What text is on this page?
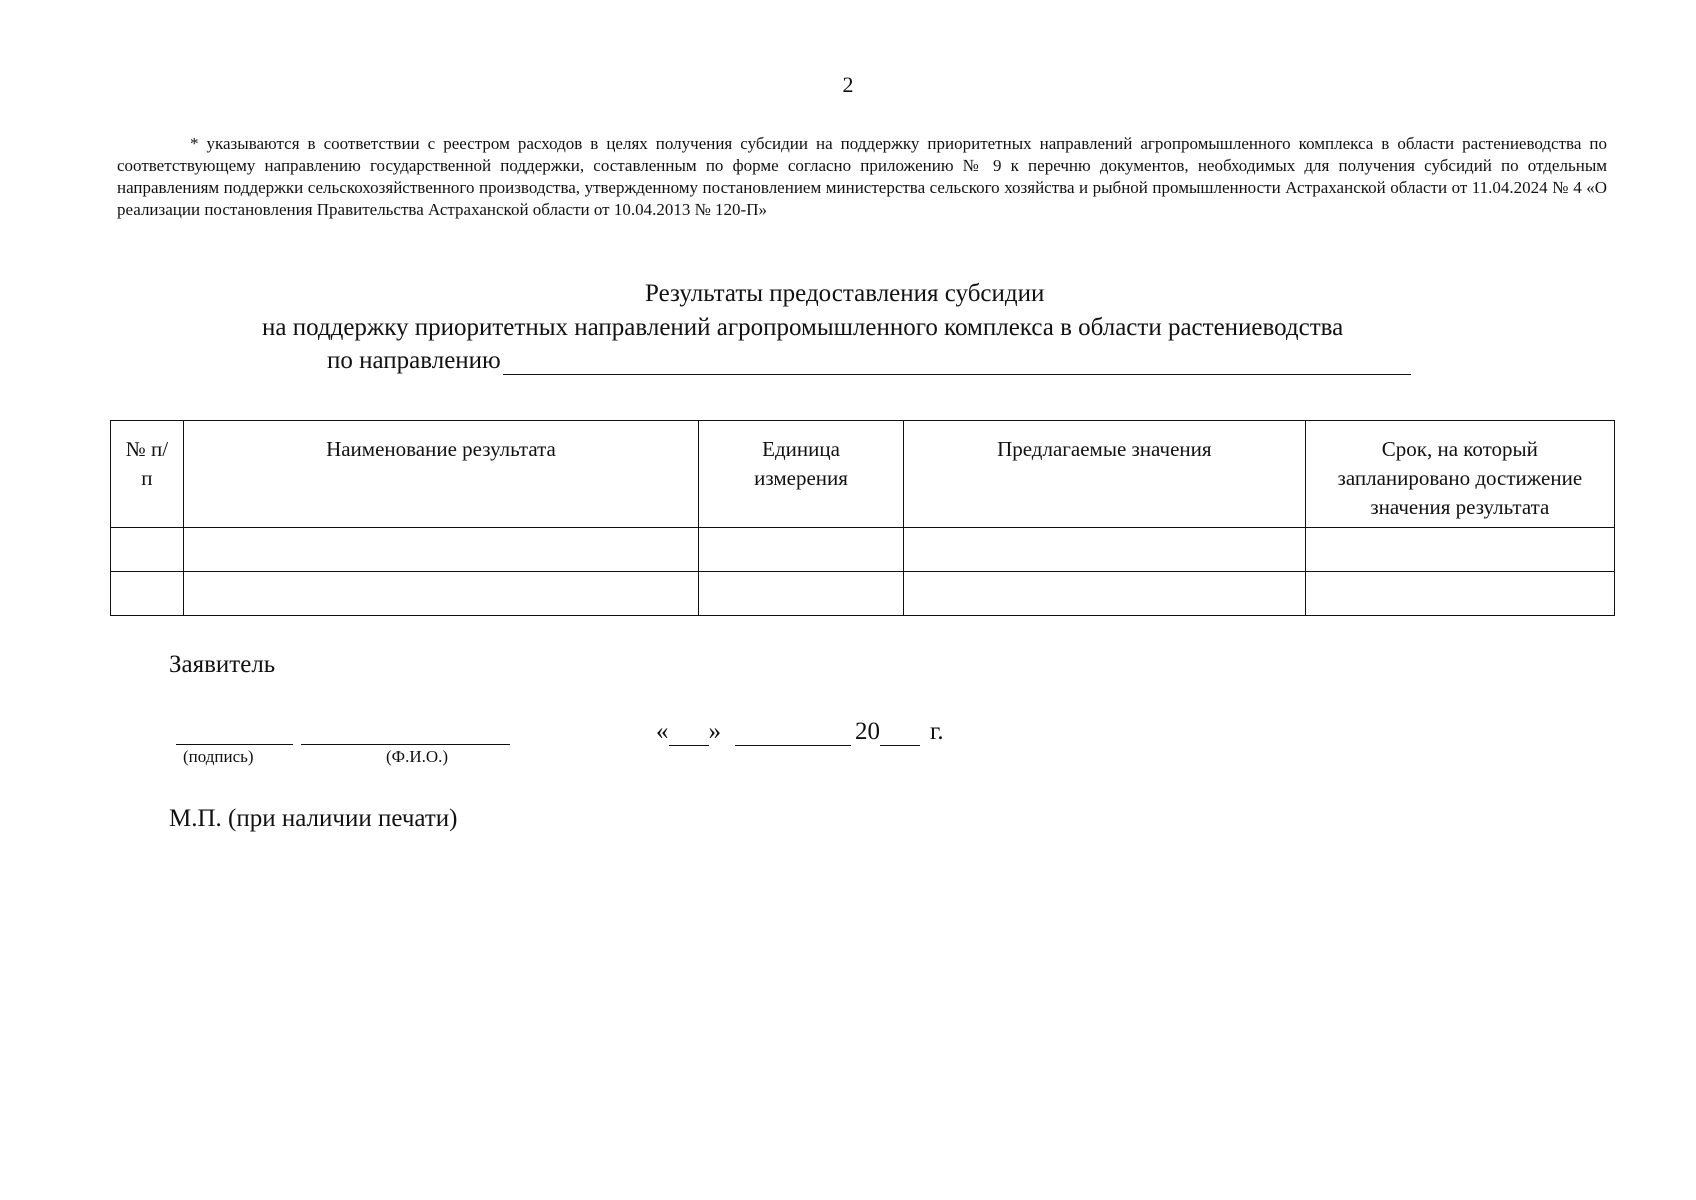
2
* указываются в соответствии с реестром расходов в целях получения субсидии на поддержку приоритетных направлений агропромышленного комплекса в области растениеводства по соответствующему направлению государственной поддержки, составленным по форме согласно приложению № 9 к перечню документов, необходимых для получения субсидий по отдельным направлениям поддержки сельскохозяйственного производства, утвержденному постановлением министерства сельского хозяйства и рыбной промышленности Астраханской области от 11.04.2024 № 4 «О реализации постановления Правительства Астраханской области от 10.04.2013 № 120-П»
Результаты предоставления субсидии
на поддержку приоритетных направлений агропромышленного комплекса в области растениеводства
по направлению
№ п/п	Наименование результата	Единица измерения	Предлагаемые значения	Срок, на который запланировано достижение значения результата

Заявитель
(подпись)	(Ф.И.О.)
« »	20 г.
М.П. (при наличии печати)
